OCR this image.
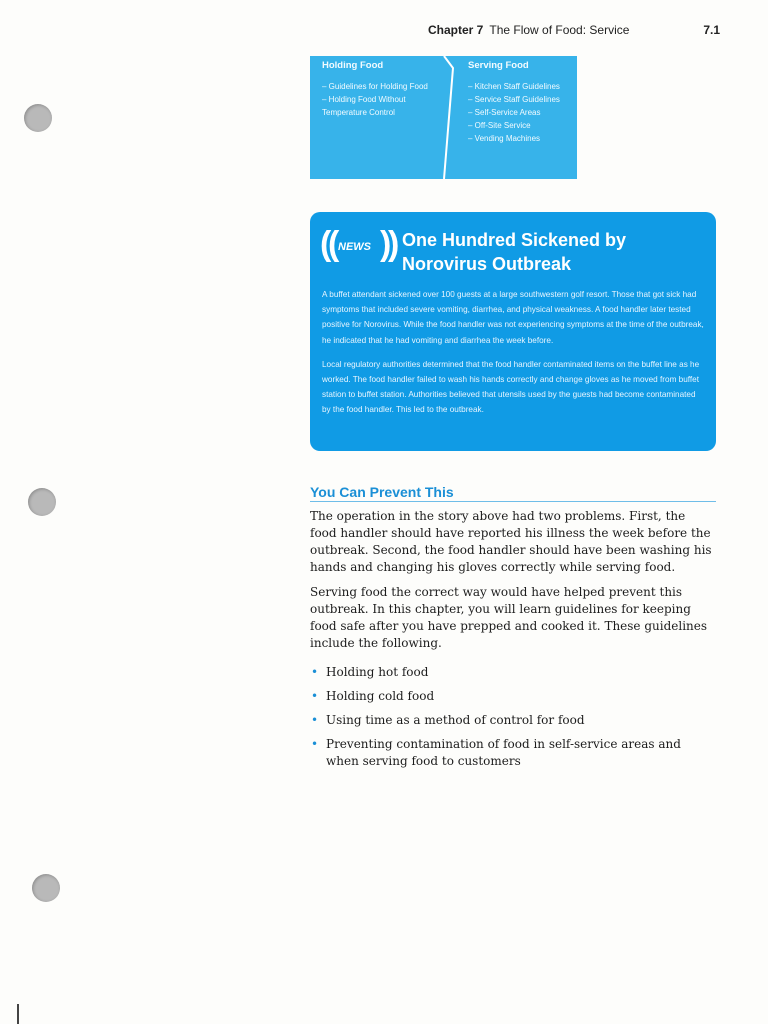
Chapter 7 The Flow of Food: Service	7.1
Holding Food
– Guidelines for Holding Food
– Holding Food Without Temperature Control
Serving Food
– Kitchen Staff Guidelines
– Service Staff Guidelines
– Self-Service Areas
– Off-Site Service
– Vending Machines
(
(
NEWS )
) One Hundred Sickened by Norovirus Outbreak

A buffet attendant sickened over 100 guests at a large southwestern golf resort. Those that got sick had symptoms that included severe vomiting, diarrhea, and physical weakness. A food handler later tested positive for Norovirus. While the food handler was not experiencing symptoms at the time of the outbreak, he indicated that he had vomiting and diarrhea the week before.

Local regulatory authorities determined that the food handler contaminated items on the buffet line as he worked. The food handler failed to wash his hands correctly and change gloves as he moved from buffet station to buffet station. Authorities believed that utensils used by the guests had become contaminated by the food handler. This led to the outbreak.

You Can Prevent This

The operation in the story above had two problems. First, the food handler should have reported his illness the week before the outbreak. Second, the food handler should have been washing his hands and changing his gloves correctly while serving food.

Serving food the correct way would have helped prevent this outbreak. In this chapter, you will learn guidelines for keeping food safe after you have prepped and cooked it. These guidelines include the following.

• Holding hot food
• Holding cold food
• Using time as a method of control for food
• Preventing contamination of food in self-service areas and when serving food to customers
